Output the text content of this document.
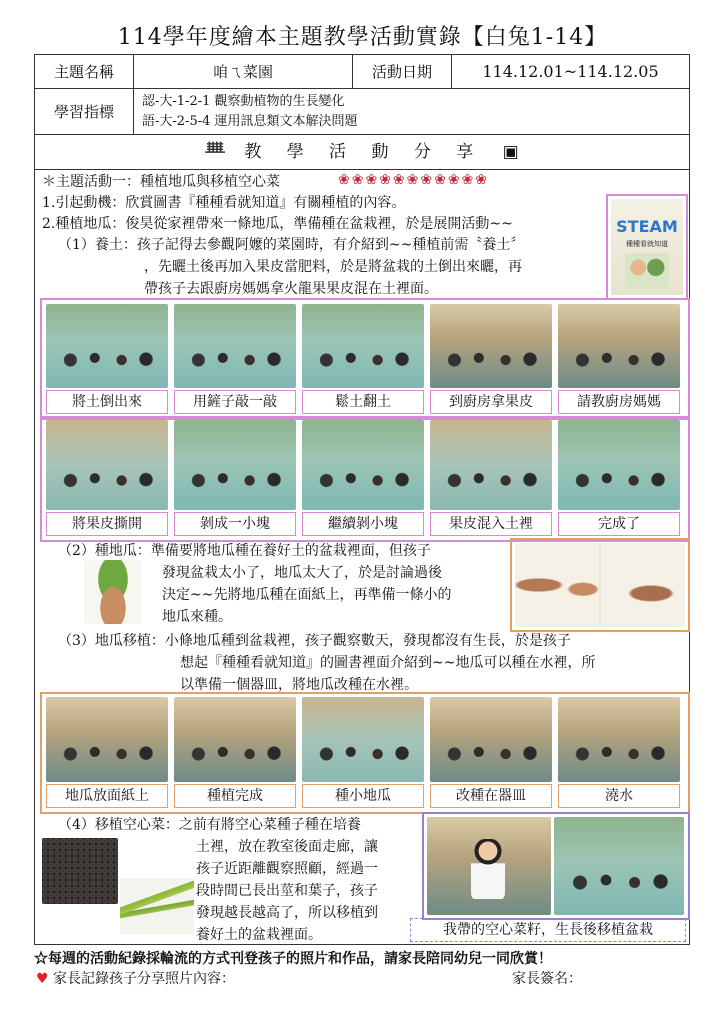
114學年度繪本主題教學活動實錄【白兔1-14】
主題名稱	咱ㄟ菜園	活動日期	114.12.01~114.12.05
學習指標	認-大-1-2-1 觀察動植物的生長變化
語-大-2-5-4 運用訊息類文本解決問題		
ᚙ 教 學 活 動 分 享 ▣
＊主題活動一：種植地瓜與移植空心菜	❀❀❀❀❀❀❀❀❀❀❀
1.引起動機：欣賞圖書『種種看就知道』有關種植的內容。
2.種植地瓜：俊昊從家裡帶來一條地瓜，準備種在盆栽裡，於是展開活動~~
（1）養土：孩子記得去參觀阿嬤的菜園時，有介紹到~~種植前需〝養土〞
，先曬土後再加入果皮當肥料，於是將盆栽的土倒出來曬，再
帶孩子去跟廚房媽媽拿火龍果果皮混在土裡面。
STEAM
種種看就知道
將土倒出來	用鏟子敲一敲	鬆土翻土	到廚房拿果皮	請教廚房媽媽
將果皮撕開	剝成一小塊	繼續剝小塊	果皮混入土裡	完成了
（2）種地瓜：準備要將地瓜種在養好土的盆栽裡面，但孩子
發現盆栽太小了，地瓜太大了，於是討論過後
決定~~先將地瓜種在面紙上，再準備一條小的
地瓜來種。
（3）地瓜移植：小條地瓜種到盆栽裡，孩子觀察數天，發現都沒有生長，於是孩子
想起『種種看就知道』的圖書裡面介紹到~~地瓜可以種在水裡，所
以準備一個器皿，將地瓜改種在水裡。
地瓜放面紙上	種植完成	種小地瓜	改種在器皿	澆水
（4）移植空心菜：之前有將空心菜種子種在培養
土裡，放在教室後面走廊，讓
孩子近距離觀察照顧，經過一
段時間已長出莖和葉子，孩子
發現越長越高了，所以移植到
養好土的盆栽裡面。	我帶的空心菜籽，生長後移植盆栽
☆每週的活動紀錄採輪流的方式刊登孩子的照片和作品，請家長陪同幼兒一同欣賞！
♥ 家長記錄孩子分享照片內容：	家長簽名：
